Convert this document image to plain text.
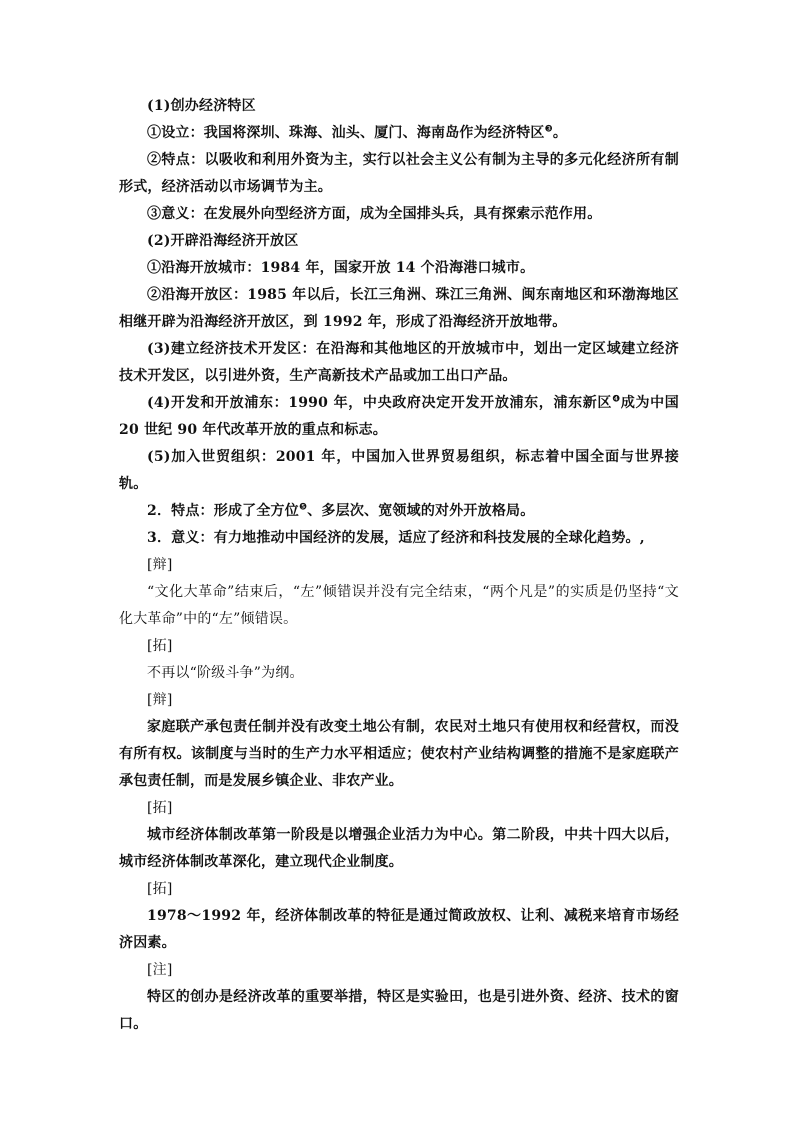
(1)创办经济特区

①设立：我国将深圳、珠海、汕头、厦门、海南岛作为经济特区$^❸$。

②特点：以吸收和利用外资为主，实行以社会主义公有制为主导的多元化经济所有制形式，经济活动以市场调节为主。

③意义：在发展外向型经济方面，成为全国排头兵，具有探索示范作用。

(2)开辟沿海经济开放区

①沿海开放城市：1984 年，国家开放 14 个沿海港口城市。

②沿海开放区：1985 年以后，长江三角洲、珠江三角洲、闽东南地区和环渤海地区相继开辟为沿海经济开放区，到 1992 年，形成了沿海经济开放地带。

(3)建立经济技术开发区：在沿海和其他地区的开放城市中，划出一定区域建立经济技术开发区，以引进外资，生产高新技术产品或加工出口产品。

(4)开发和开放浦东：1990 年，中央政府决定开发开放浦东，浦东新区$^❹$成为中国 20 世纪 90 年代改革开放的重点和标志。

(5)加入世贸组织：2001 年，中国加入世界贸易组织，标志着中国全面与世界接轨。

2．特点：形成了全方位$^❺$、多层次、宽领域的对外开放格局。

3．意义：有力地推动中国经济的发展，适应了经济和科技发展的全球化趋势。,

[辩]

“文化大革命”结束后，“左”倾错误并没有完全结束，“两个凡是”的实质是仍坚持“文化大革命”中的“左”倾错误。

[拓]

不再以“阶级斗争”为纲。

[辩]

家庭联产承包责任制并没有改变土地公有制，农民对土地只有使用权和经营权，而没有所有权。该制度与当时的生产力水平相适应；使农村产业结构调整的措施不是家庭联产承包责任制，而是发展乡镇企业、非农产业。

[拓]

城市经济体制改革第一阶段是以增强企业活力为中心。第二阶段，中共十四大以后，城市经济体制改革深化，建立现代企业制度。

[拓]

1978～1992 年，经济体制改革的特征是通过简政放权、让利、减税来培育市场经济因素。

[注]

特区的创办是经济改革的重要举措，特区是实验田，也是引进外资、经济、技术的窗口。
